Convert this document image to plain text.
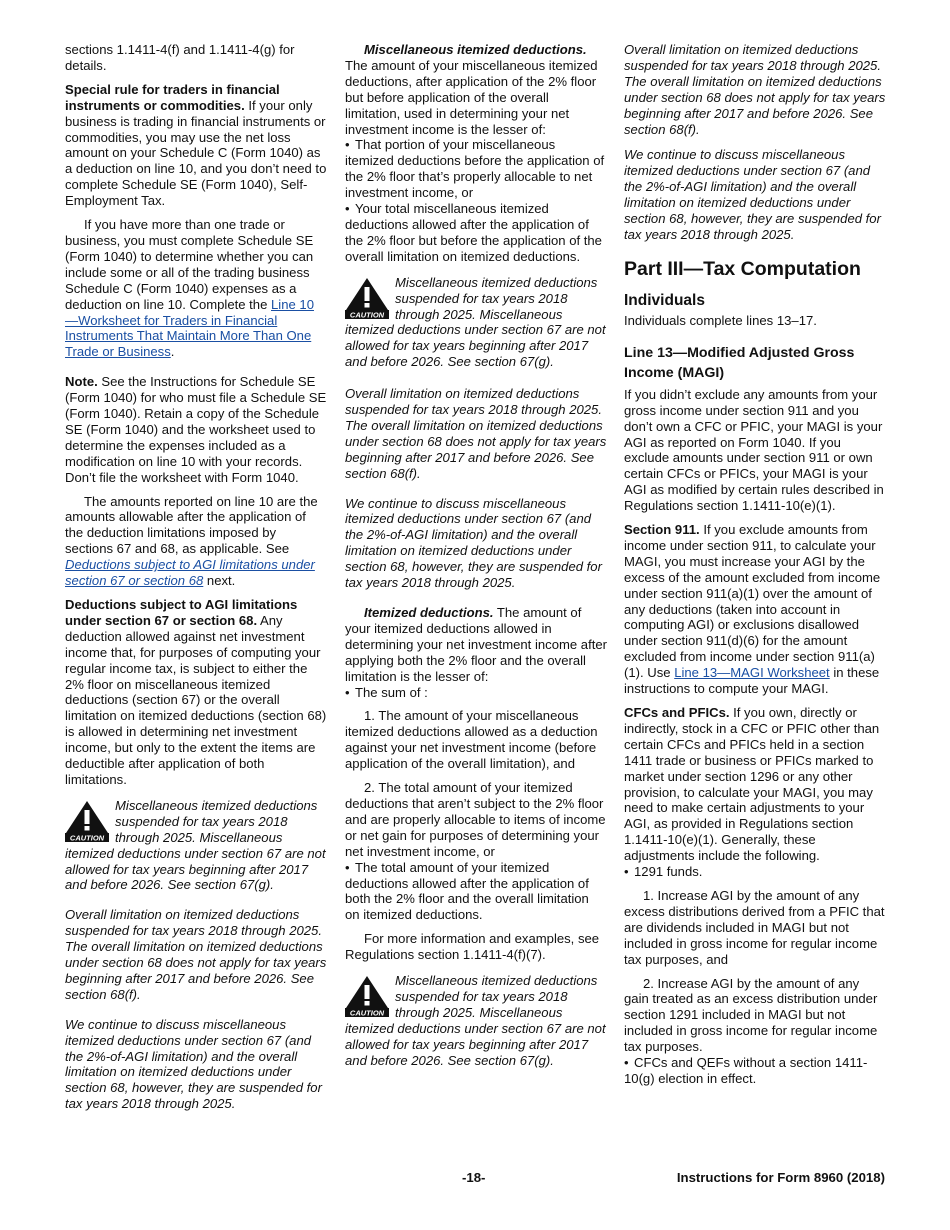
sections 1.1411-4(f) and 1.1411-4(g) for details.

Special rule for traders in financial instruments or commodities. If your only business is trading in financial instruments or commodities, you may use the net loss amount on your Schedule C (Form 1040) as a deduction on line 10, and you don’t need to complete Schedule SE (Form 1040), Self-Employment Tax.

If you have more than one trade or business, you must complete Schedule SE (Form 1040) to determine whether you can include some or all of the trading business Schedule C (Form 1040) expenses as a deduction on line 10. Complete the Line 10—Worksheet for Traders in Financial Instruments That Maintain More Than One Trade or Business.

Note. See the Instructions for Schedule SE (Form 1040) for who must file a Schedule SE (Form 1040). Retain a copy of the Schedule SE (Form 1040) and the worksheet used to determine the expenses included as a modification on line 10 with your records. Don’t file the worksheet with Form 1040.

The amounts reported on line 10 are the amounts allowable after the application of the deduction limitations imposed by sections 67 and 68, as applicable. See Deductions subject to AGI limitations under section 67 or section 68 next.

Deductions subject to AGI limitations under section 67 or section 68. Any deduction allowed against net investment income that, for purposes of computing your regular income tax, is subject to either the 2% floor on miscellaneous itemized deductions (section 67) or the overall limitation on itemized deductions (section 68) is allowed in determining net investment income, but only to the extent the items are deductible after application of both limitations.

CAUTION

Miscellaneous itemized deductions suspended for tax years 2018 through 2025. Miscellaneous itemized deductions under section 67 are not allowed for tax years beginning after 2017 and before 2026. See section 67(g).

Overall limitation on itemized deductions suspended for tax years 2018 through 2025. The overall limitation on itemized deductions under section 68 does not apply for tax years beginning after 2017 and before 2026. See section 68(f).

We continue to discuss miscellaneous itemized deductions under section 67 (and the 2%-of-AGI limitation) and the overall limitation on itemized deductions under section 68, however, they are suspended for tax years 2018 through 2025.

Miscellaneous itemized deductions.
The amount of your miscellaneous itemized deductions, after application of the 2% floor but before application of the overall limitation, used in determining your net investment income is the lesser of:

• That portion of your miscellaneous itemized deductions before the application of the 2% floor that’s properly allocable to net investment income, or

• Your total miscellaneous itemized deductions allowed after the application of the 2% floor but before the application of the overall limitation on itemized deductions.

CAUTION

Miscellaneous itemized deductions suspended for tax years 2018 through 2025. Miscellaneous itemized deductions under section 67 are not allowed for tax years beginning after 2017 and before 2026. See section 67(g).

Overall limitation on itemized deductions suspended for tax years 2018 through 2025. The overall limitation on itemized deductions under section 68 does not apply for tax years beginning after 2017 and before 2026. See section 68(f).

We continue to discuss miscellaneous itemized deductions under section 67 (and the 2%-of-AGI limitation) and the overall limitation on itemized deductions under section 68, however, they are suspended for tax years 2018 through 2025.

Itemized deductions. The amount of your itemized deductions allowed in determining your net investment income after applying both the 2% floor and the overall limitation is the lesser of:

• The sum of :

1. The amount of your miscellaneous itemized deductions allowed as a deduction against your net investment income (before application of the overall limitation), and

2. The total amount of your itemized deductions that aren’t subject to the 2% floor and are properly allocable to items of income or net gain for purposes of determining your net investment income, or

• The total amount of your itemized deductions allowed after the application of both the 2% floor and the overall limitation on itemized deductions.

For more information and examples, see Regulations section 1.1411-4(f)(7).

CAUTION

Miscellaneous itemized deductions suspended for tax years 2018 through 2025. Miscellaneous itemized deductions under section 67 are not allowed for tax years beginning after 2017 and before 2026. See section 67(g).

Overall limitation on itemized deductions suspended for tax years 2018 through 2025. The overall limitation on itemized deductions under section 68 does not apply for tax years beginning after 2017 and before 2026. See section 68(f).

We continue to discuss miscellaneous itemized deductions under section 67 (and the 2%-of-AGI limitation) and the overall limitation on itemized deductions under section 68, however, they are suspended for tax years 2018 through 2025.

Part III—Tax Computation
Individuals

Individuals complete lines 13–17.

Line 13—Modified Adjusted Gross Income (MAGI)

If you didn’t exclude any amounts from your gross income under section 911 and you don’t own a CFC or PFIC, your MAGI is your AGI as reported on Form 1040. If you exclude amounts under section 911 or own certain CFCs or PFICs, your MAGI is your AGI as modified by certain rules described in Regulations section 1.1411-10(e)(1).

Section 911. If you exclude amounts from income under section 911, to calculate your MAGI, you must increase your AGI by the excess of the amount excluded from income under section 911(a)(1) over the amount of any deductions (taken into account in computing AGI) or exclusions disallowed under section 911(d)(6) for the amount excluded from income under section 911(a)(1). Use Line 13—MAGI Worksheet in these instructions to compute your MAGI.

CFCs and PFICs. If you own, directly or indirectly, stock in a CFC or PFIC other than certain CFCs and PFICs held in a section 1411 trade or business or PFICs marked to market under section 1296 or any other provision, to calculate your MAGI, you may need to make certain adjustments to your AGI, as provided in Regulations section 1.1411-10(e)(1). Generally, these adjustments include the following.

• 1291 funds.

1. Increase AGI by the amount of any excess distributions derived from a PFIC that are dividends included in MAGI but not included in gross income for regular income tax purposes, and

2. Increase AGI by the amount of any gain treated as an excess distribution under section 1291 included in MAGI but not included in gross income for regular income tax purposes.

• CFCs and QEFs without a section 1411-10(g) election in effect.

-18-	Instructions for Form 8960 (2018)
